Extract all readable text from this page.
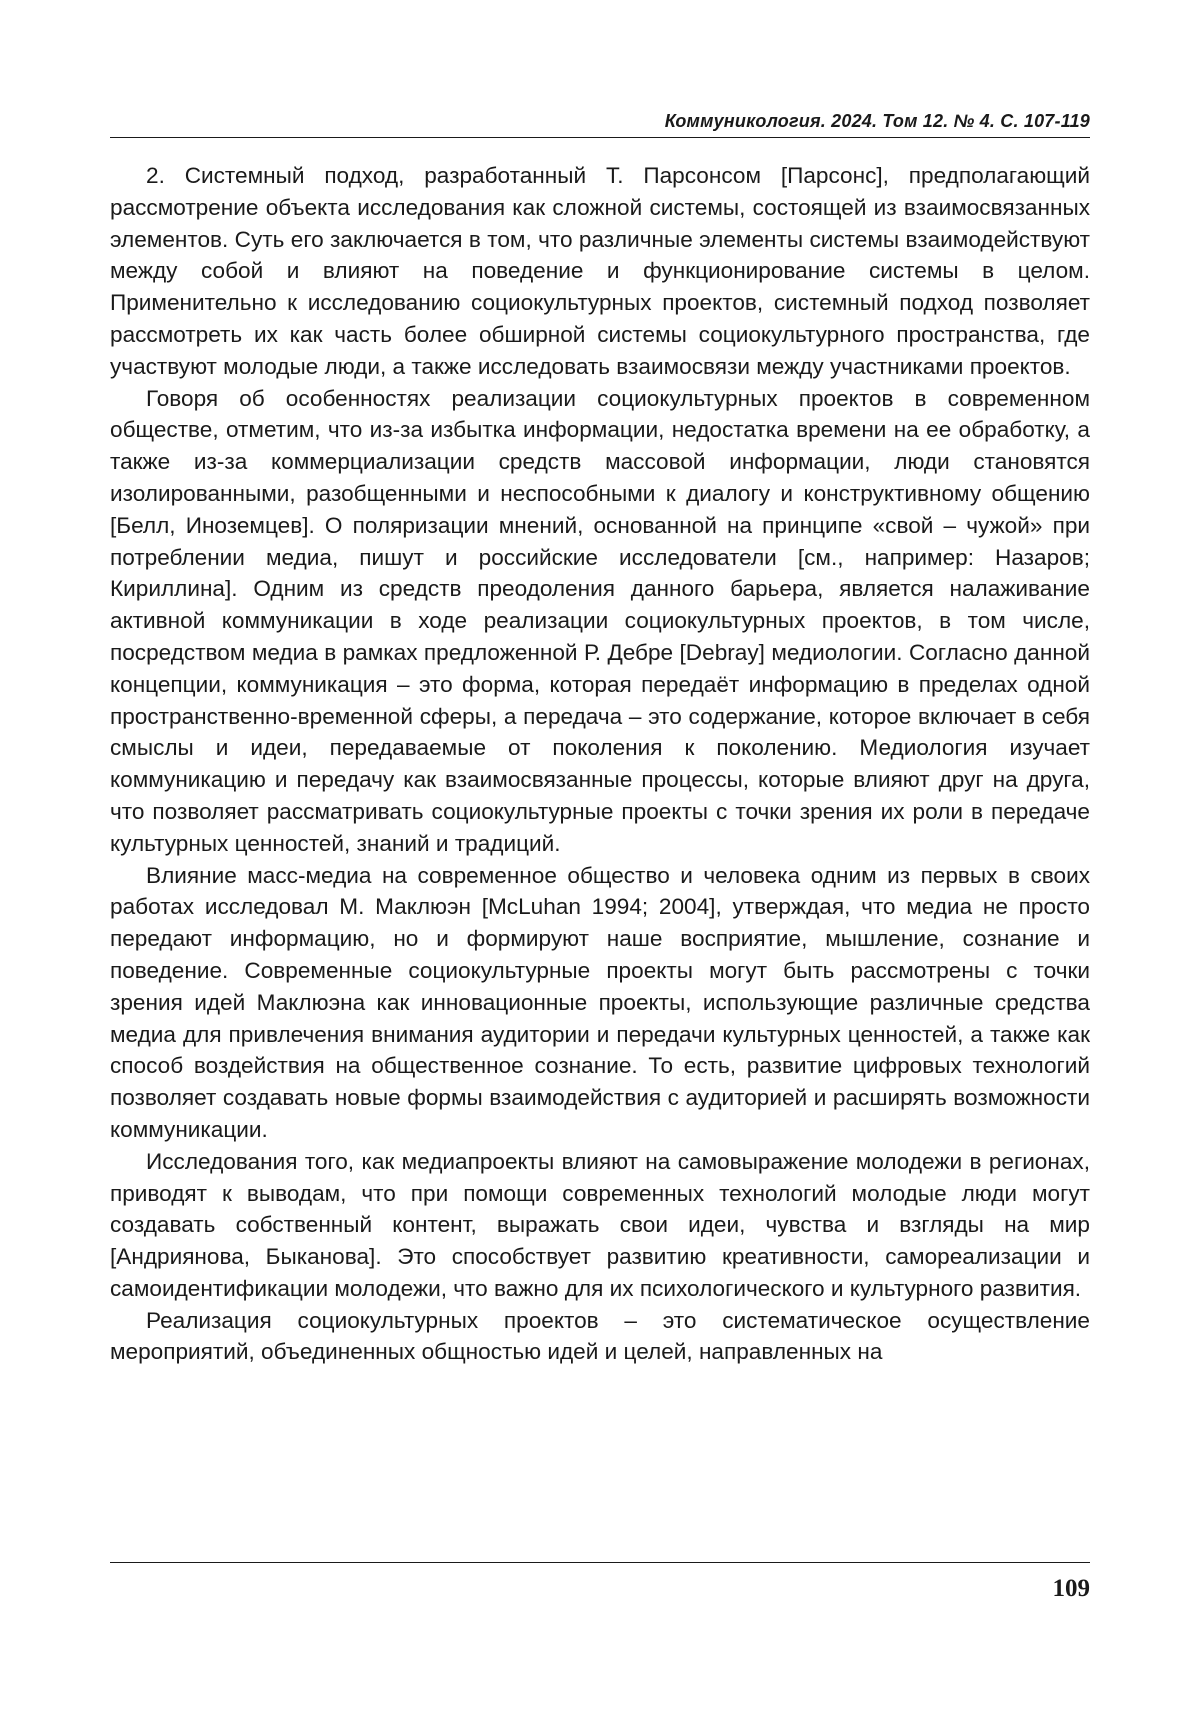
Коммуникология. 2024. Том 12. № 4. С. 107-119

2. Системный подход, разработанный Т. Парсонсом [Парсонс], предполагающий рассмотрение объекта исследования как сложной системы, состоящей из взаимосвязанных элементов. Суть его заключается в том, что различные элементы системы взаимодействуют между собой и влияют на поведение и функционирование системы в целом. Применительно к исследованию социокультурных проектов, системный подход позволяет рассмотреть их как часть более обширной системы социокультурного пространства, где участвуют молодые люди, а также исследовать взаимосвязи между участниками проектов.

Говоря об особенностях реализации социокультурных проектов в современном обществе, отметим, что из-за избытка информации, недостатка времени на ее обработку, а также из-за коммерциализации средств массовой информации, люди становятся изолированными, разобщенными и неспособными к диалогу и конструктивному общению [Белл, Иноземцев]. О поляризации мнений, основанной на принципе «свой – чужой» при потреблении медиа, пишут и российские исследователи [см., например: Назаров; Кириллина]. Одним из средств преодоления данного барьера, является налаживание активной коммуникации в ходе реализации социокультурных проектов, в том числе, посредством медиа в рамках предложенной Р. Дебре [Debray] медиологии. Согласно данной концепции, коммуникация – это форма, которая передаёт информацию в пределах одной пространственно-временной сферы, а передача – это содержание, которое включает в себя смыслы и идеи, передаваемые от поколения к поколению. Медиология изучает коммуникацию и передачу как взаимосвязанные процессы, которые влияют друг на друга, что позволяет рассматривать социокультурные проекты с точки зрения их роли в передаче культурных ценностей, знаний и традиций.

Влияние масс-медиа на современное общество и человека одним из первых в своих работах исследовал М. Маклюэн [McLuhan 1994; 2004], утверждая, что медиа не просто передают информацию, но и формируют наше восприятие, мышление, сознание и поведение. Современные социокультурные проекты могут быть рассмотрены с точки зрения идей Маклюэна как инновационные проекты, использующие различные средства медиа для привлечения внимания аудитории и передачи культурных ценностей, а также как способ воздействия на общественное сознание. То есть, развитие цифровых технологий позволяет создавать новые формы взаимодействия с аудиторией и расширять возможности коммуникации.

Исследования того, как медиапроекты влияют на самовыражение молодежи в регионах, приводят к выводам, что при помощи современных технологий молодые люди могут создавать собственный контент, выражать свои идеи, чувства и взгляды на мир [Андриянова, Быканова]. Это способствует развитию креативности, самореализации и самоидентификации молодежи, что важно для их психологического и культурного развития.

Реализация социокультурных проектов – это систематическое осуществление мероприятий, объединенных общностью идей и целей, направленных на

109
